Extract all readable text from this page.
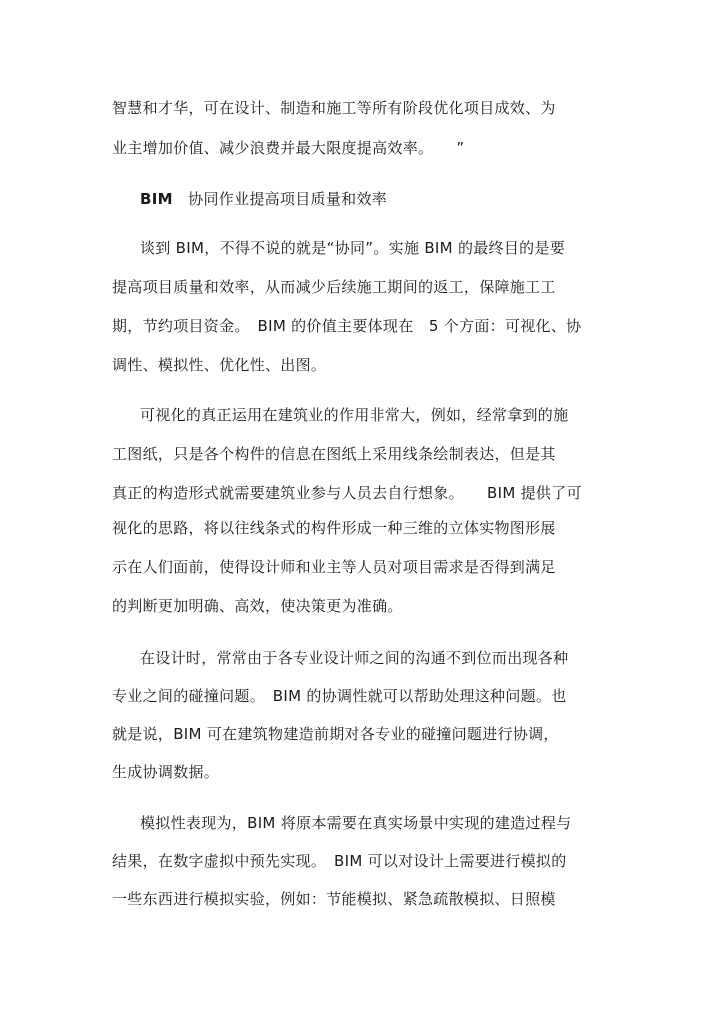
智慧和才华，可在设计、制造和施工等所有阶段优化项目成效、为
业主增加价值、减少浪费并最大限度提高效率。　　”
BIM　协同作业提高项目质量和效率
谈到 BIM，不得不说的就是“协同”。实施 BIM 的最终目的是要
提高项目质量和效率，从而减少后续施工期间的返工，保障施工工
期，节约项目资金。　BIM 的价值主要体现在　5 个方面：可视化、协
调性、模拟性、优化性、出图。
可视化的真正运用在建筑业的作用非常大，例如，经常拿到的施
工图纸，只是各个构件的信息在图纸上采用线条绘制表达，但是其
真正的构造形式就需要建筑业参与人员去自行想象。　　BIM 提供了可
视化的思路，将以往线条式的构件形成一种三维的立体实物图形展
示在人们面前，使得设计师和业主等人员对项目需求是否得到满足
的判断更加明确、高效，使决策更为准确。
在设计时，常常由于各专业设计师之间的沟通不到位而出现各种
专业之间的碰撞问题。　BIM 的协调性就可以帮助处理这种问题。也
就是说，BIM 可在建筑物建造前期对各专业的碰撞问题进行协调，
生成协调数据。
模拟性表现为，BIM 将原本需要在真实场景中实现的建造过程与
结果，在数字虚拟中预先实现。　BIM 可以对设计上需要进行模拟的
一些东西进行模拟实验，例如：节能模拟、紧急疏散模拟、日照模
